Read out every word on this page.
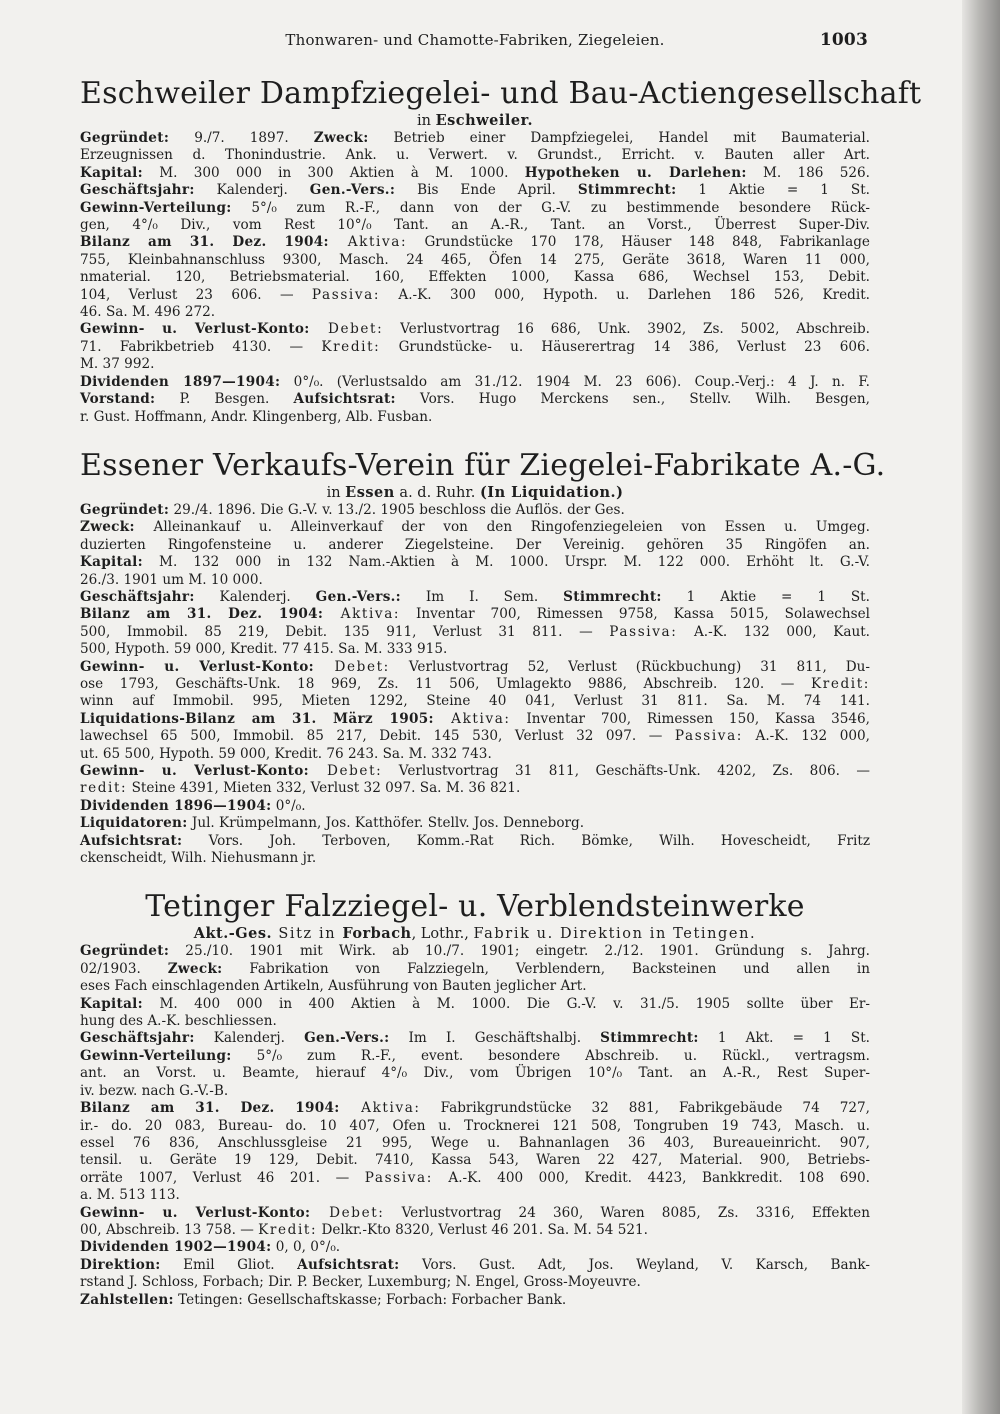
Thonwaren- und Chamotte-Fabriken, Ziegeleien.	1003
Eschweiler Dampfziegelei- und Bau-Actiengesellschaft
in Eschweiler.
Gegründet: 9./7. 1897. Zweck: Betrieb einer Dampfziegelei, Handel mit Baumaterial.
Erzeugnissen d. Thonindustrie. Ank. u. Verwert. v. Grundst., Erricht. v. Bauten aller Art.
Kapital: M. 300 000 in 300 Aktien à M. 1000. Hypotheken u. Darlehen: M. 186 526.
Geschäftsjahr: Kalenderj. Gen.-Vers.: Bis Ende April. Stimmrecht: 1 Aktie = 1 St.
Gewinn-Verteilung: 5°/₀ zum R.-F., dann von der G.-V. zu bestimmende besondere Rück-
gen, 4°/₀ Div., vom Rest 10°/₀ Tant. an A.-R., Tant. an Vorst., Überrest Super-Div.
Bilanz am 31. Dez. 1904: Aktiva: Grundstücke 170 178, Häuser 148 848, Fabrikanlage
755, Kleinbahnanschluss 9300, Masch. 24 465, Öfen 14 275, Geräte 3618, Waren 11 000,
nmaterial. 120, Betriebsmaterial. 160, Effekten 1000, Kassa 686, Wechsel 153, Debit.
104, Verlust 23 606. — Passiva: A.-K. 300 000, Hypoth. u. Darlehen 186 526, Kredit.
46. Sa. M. 496 272.
Gewinn- u. Verlust-Konto: Debet: Verlustvortrag 16 686, Unk. 3902, Zs. 5002, Abschreib.
71. Fabrikbetrieb 4130. — Kredit: Grundstücke- u. Häuserertrag 14 386, Verlust 23 606.
M. 37 992.
Dividenden 1897—1904: 0°/₀. (Verlustsaldo am 31./12. 1904 M. 23 606). Coup.-Verj.: 4 J. n. F.
Vorstand: P. Besgen. Aufsichtsrat: Vors. Hugo Merckens sen., Stellv. Wilh. Besgen,
r. Gust. Hoffmann, Andr. Klingenberg, Alb. Fusban.
Essener Verkaufs-Verein für Ziegelei-Fabrikate A.-G.
in Essen a. d. Ruhr. (In Liquidation.)
Gegründet: 29./4. 1896. Die G.-V. v. 13./2. 1905 beschloss die Auflös. der Ges.
Zweck: Alleinankauf u. Alleinverkauf der von den Ringofenziegeleien von Essen u. Umgeg.
duzierten Ringofensteine u. anderer Ziegelsteine. Der Vereinig. gehören 35 Ringöfen an.
Kapital: M. 132 000 in 132 Nam.-Aktien à M. 1000. Urspr. M. 122 000. Erhöht lt. G.-V.
26./3. 1901 um M. 10 000.
Geschäftsjahr: Kalenderj. Gen.-Vers.: Im I. Sem. Stimmrecht: 1 Aktie = 1 St.
Bilanz am 31. Dez. 1904: Aktiva: Inventar 700, Rimessen 9758, Kassa 5015, Solawechsel
500, Immobil. 85 219, Debit. 135 911, Verlust 31 811. — Passiva: A.-K. 132 000, Kaut.
500, Hypoth. 59 000, Kredit. 77 415. Sa. M. 333 915.
Gewinn- u. Verlust-Konto: Debet: Verlustvortrag 52, Verlust (Rückbuchung) 31 811, Du-
ose 1793, Geschäfts-Unk. 18 969, Zs. 11 506, Umlagekto 9886, Abschreib. 120. — Kredit:
winn auf Immobil. 995, Mieten 1292, Steine 40 041, Verlust 31 811. Sa. M. 74 141.
Liquidations-Bilanz am 31. März 1905: Aktiva: Inventar 700, Rimessen 150, Kassa 3546,
lawechsel 65 500, Immobil. 85 217, Debit. 145 530, Verlust 32 097. — Passiva: A.-K. 132 000,
ut. 65 500, Hypoth. 59 000, Kredit. 76 243. Sa. M. 332 743.
Gewinn- u. Verlust-Konto: Debet: Verlustvortrag 31 811, Geschäfts-Unk. 4202, Zs. 806. —
redit: Steine 4391, Mieten 332, Verlust 32 097. Sa. M. 36 821.
Dividenden 1896—1904: 0°/₀.
Liquidatoren: Jul. Krümpelmann, Jos. Katthöfer. Stellv. Jos. Denneborg.
Aufsichtsrat: Vors. Joh. Terboven, Komm.-Rat Rich. Bömke, Wilh. Hovescheidt, Fritz
ckenscheidt, Wilh. Niehusmann jr.
Tetinger Falzziegel- u. Verblendsteinwerke
Akt.-Ges. Sitz in Forbach, Lothr., Fabrik u. Direktion in Tetingen.
Gegründet: 25./10. 1901 mit Wirk. ab 10./7. 1901; eingetr. 2./12. 1901. Gründung s. Jahrg.
02/1903. Zweck: Fabrikation von Falzziegeln, Verblendern, Backsteinen und allen in
eses Fach einschlagenden Artikeln, Ausführung von Bauten jeglicher Art.
Kapital: M. 400 000 in 400 Aktien à M. 1000. Die G.-V. v. 31./5. 1905 sollte über Er-
hung des A.-K. beschliessen.
Geschäftsjahr: Kalenderj. Gen.-Vers.: Im I. Geschäftshalbj. Stimmrecht: 1 Akt. = 1 St.
Gewinn-Verteilung: 5°/₀ zum R.-F., event. besondere Abschreib. u. Rückl., vertragsm.
ant. an Vorst. u. Beamte, hierauf 4°/₀ Div., vom Übrigen 10°/₀ Tant. an A.-R., Rest Super-
iv. bezw. nach G.-V.-B.
Bilanz am 31. Dez. 1904: Aktiva: Fabrikgrundstücke 32 881, Fabrikgebäude 74 727,
ir.- do. 20 083, Bureau- do. 10 407, Ofen u. Trocknerei 121 508, Tongruben 19 743, Masch. u.
essel 76 836, Anschlussgleise 21 995, Wege u. Bahnanlagen 36 403, Bureaueinricht. 907,
tensil. u. Geräte 19 129, Debit. 7410, Kassa 543, Waren 22 427, Material. 900, Betriebs-
orräte 1007, Verlust 46 201. — Passiva: A.-K. 400 000, Kredit. 4423, Bankkredit. 108 690.
a. M. 513 113.
Gewinn- u. Verlust-Konto: Debet: Verlustvortrag 24 360, Waren 8085, Zs. 3316, Effekten
00, Abschreib. 13 758. — Kredit: Delkr.-Kto 8320, Verlust 46 201. Sa. M. 54 521.
Dividenden 1902—1904: 0, 0, 0°/₀.
Direktion: Emil Gliot. Aufsichtsrat: Vors. Gust. Adt, Jos. Weyland, V. Karsch, Bank-
rstand J. Schloss, Forbach; Dir. P. Becker, Luxemburg; N. Engel, Gross-Moyeuvre.
Zahlstellen: Tetingen: Gesellschaftskasse; Forbach: Forbacher Bank.
